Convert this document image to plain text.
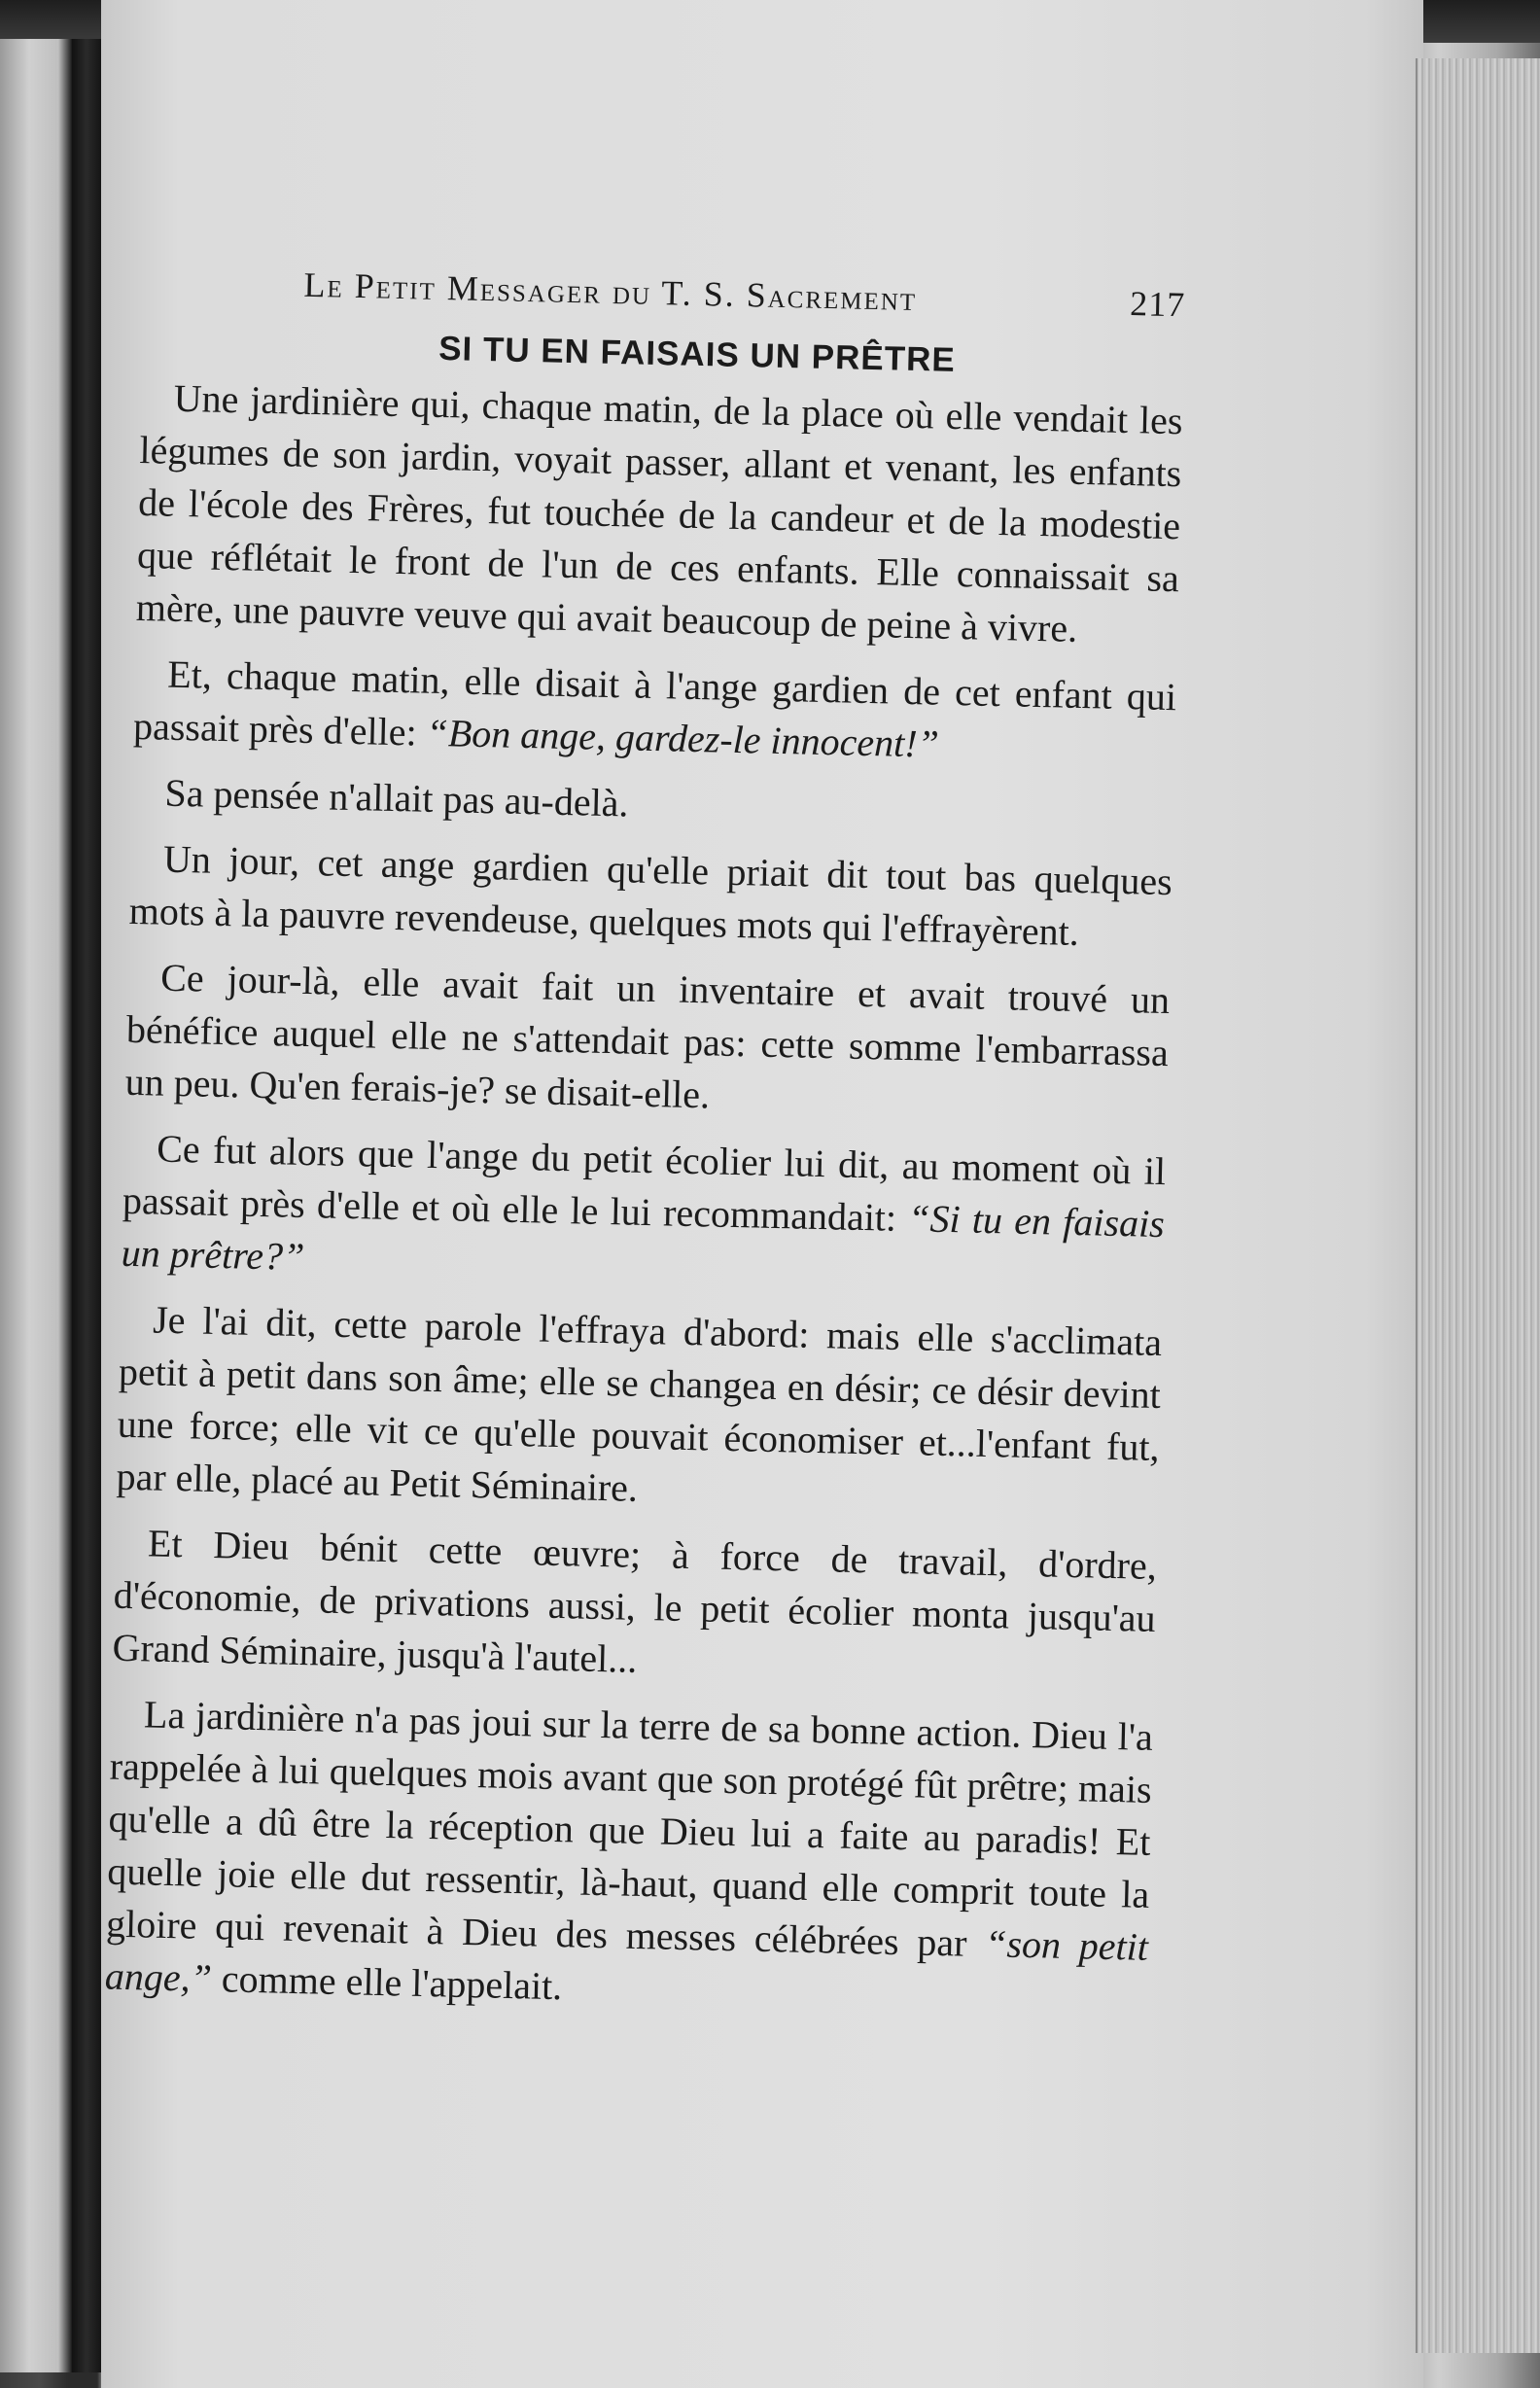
Le Petit Messager du T. S. Sacrement	217
SI TU EN FAISAIS UN PRÊTRE

Une jardinière qui, chaque matin, de la place où elle vendait les légumes de son jardin, voyait passer, allant et venant, les enfants de l'école des Frères, fut touchée de la candeur et de la modestie que réflétait le front de l'un de ces enfants. Elle connaissait sa mère, une pauvre veuve qui avait beaucoup de peine à vivre.

Et, chaque matin, elle disait à l'ange gardien de cet enfant qui passait près d'elle: “Bon ange, gardez-le innocent!”

Sa pensée n'allait pas au-delà.

Un jour, cet ange gardien qu'elle priait dit tout bas quelques mots à la pauvre revendeuse, quelques mots qui l'effrayèrent.

Ce jour-là, elle avait fait un inventaire et avait trouvé un bénéfice auquel elle ne s'attendait pas: cette somme l'embarrassa un peu. Qu'en ferais-je? se disait-elle.

Ce fut alors que l'ange du petit écolier lui dit, au moment où il passait près d'elle et où elle le lui recommandait: “Si tu en faisais un prêtre?”

Je l'ai dit, cette parole l'effraya d'abord: mais elle s'acclimata petit à petit dans son âme; elle se changea en désir; ce désir devint une force; elle vit ce qu'elle pouvait économiser et...l'enfant fut, par elle, placé au Petit Séminaire.

Et Dieu bénit cette œuvre; à force de travail, d'ordre, d'économie, de privations aussi, le petit écolier monta jusqu'au Grand Séminaire, jusqu'à l'autel...

La jardinière n'a pas joui sur la terre de sa bonne action. Dieu l'a rappelée à lui quelques mois avant que son protégé fût prêtre; mais qu'elle a dû être la réception que Dieu lui a faite au paradis! Et quelle joie elle dut ressentir, là-haut, quand elle comprit toute la gloire qui revenait à Dieu des messes célébrées par “son petit ange,” comme elle l'appelait.
